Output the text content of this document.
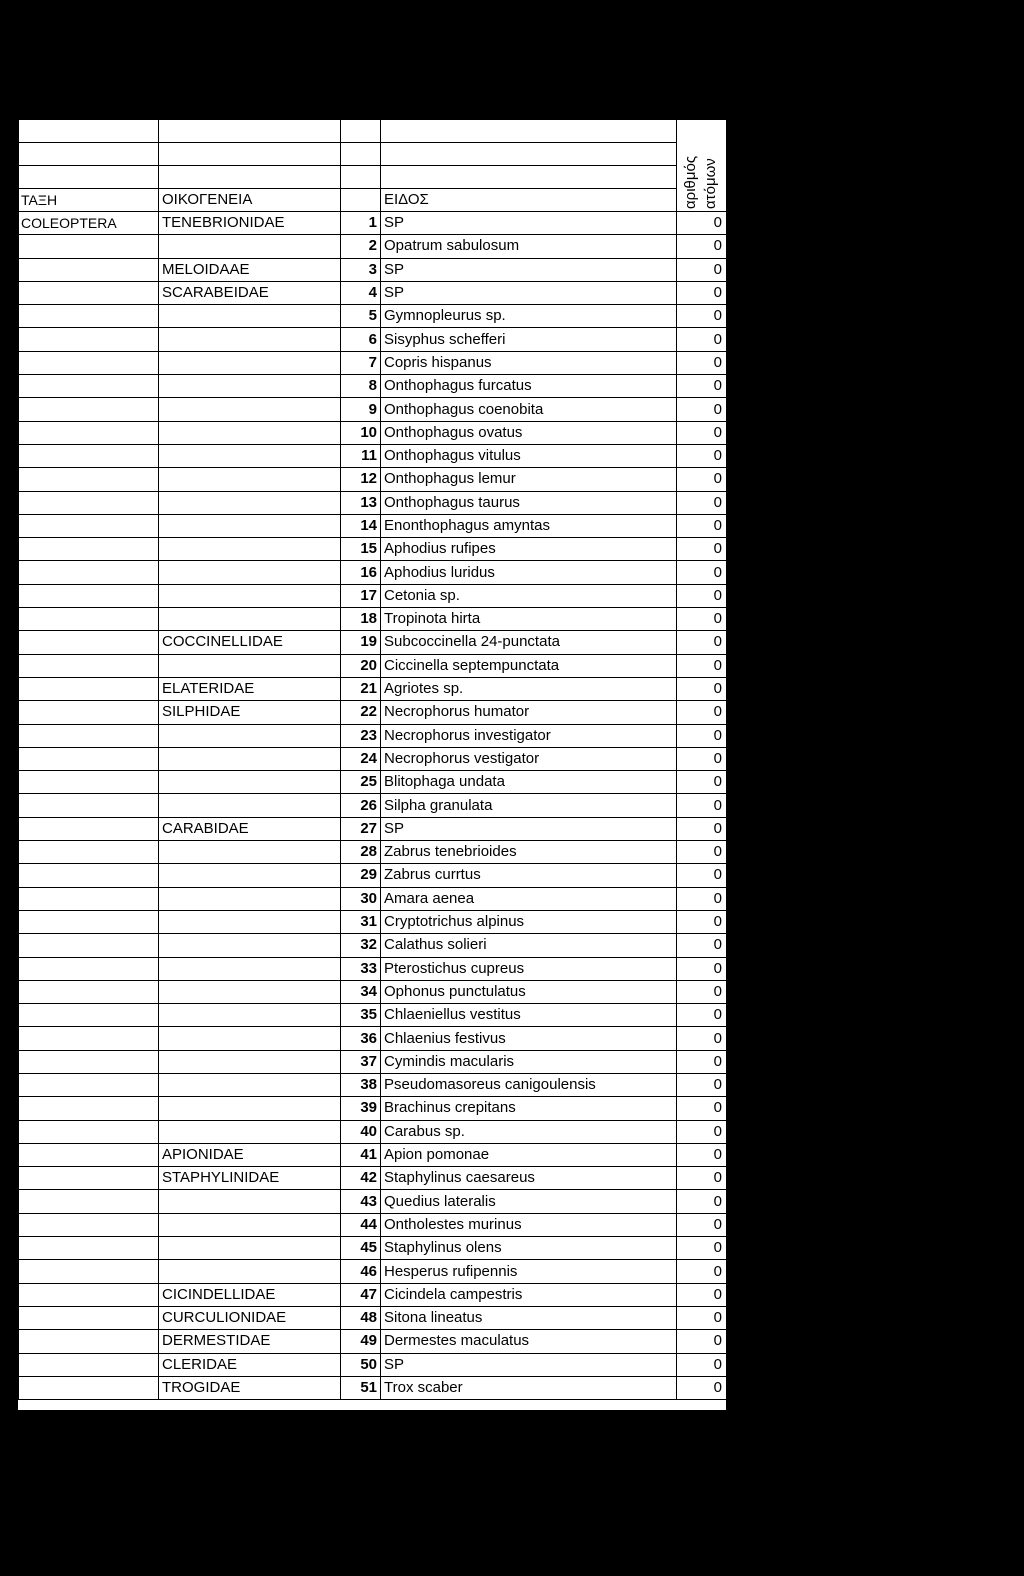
				αριθμός ατόμων

ΤΑΞΗ	ΟΙΚΟΓΕΝΕΙΑ		ΕΙΔΟΣ	
COLEOPTERA	TENEBRIONIDAE	1	SP	0
		2	Opatrum sabulosum	0
	MELOIDAAE	3	SP	0
	SCARABEIDAE	4	SP	0
		5	Gymnopleurus sp.	0
		6	Sisyphus schefferi	0
		7	Copris hispanus	0
		8	Onthophagus furcatus	0
		9	Onthophagus coenobita	0
		10	Onthophagus ovatus	0
		11	Onthophagus vitulus	0
		12	Onthophagus lemur	0
		13	Onthophagus taurus	0
		14	Enonthophagus amyntas	0
		15	Aphodius rufipes	0
		16	Aphodius luridus	0
		17	Cetonia sp.	0
		18	Tropinota hirta	0
	COCCINELLIDAE	19	Subcoccinella 24-punctata	0
		20	Ciccinella septempunctata	0
	ELATERIDAE	21	Agriotes sp.	0
	SILPHIDAE	22	Necrophorus humator	0
		23	Necrophorus investigator	0
		24	Necrophorus vestigator	0
		25	Blitophaga undata	0
		26	Silpha granulata	0
	CARABIDAE	27	SP	0
		28	Zabrus tenebrioides	0
		29	Zabrus currtus	0
		30	Amara aenea	0
		31	Cryptotrichus alpinus	0
		32	Calathus solieri	0
		33	Pterostichus cupreus	0
		34	Ophonus punctulatus	0
		35	Chlaeniellus vestitus	0
		36	Chlaenius festivus	0
		37	Cymindis macularis	0
		38	Pseudomasoreus canigoulensis	0
		39	Brachinus crepitans	0
		40	Carabus sp.	0
	APIONIDAE	41	Apion pomonae	0
	STAPHYLINIDAE	42	Staphylinus caesareus	0
		43	Quedius lateralis	0
		44	Ontholestes murinus	0
		45	Staphylinus olens	0
		46	Hesperus rufipennis	0
	CICINDELLIDAE	47	Cicindela campestris	0
	CURCULIONIDAE	48	Sitona lineatus	0
	DERMESTIDAE	49	Dermestes maculatus	0
	CLERIDAE	50	SP	0
	TROGIDAE	51	Trox scaber	0
